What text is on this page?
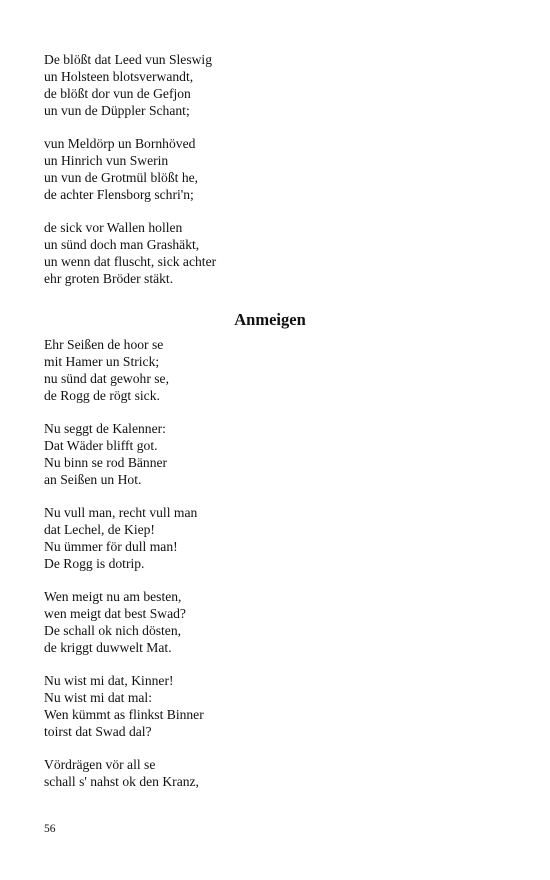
De blößt dat Leed vun Sleswig
un Holsteen blotsverwandt,
de blößt dor vun de Gefjon
un vun de Düppler Schant;
vun Meldörp un Bornhöved
un Hinrich vun Swerin
un vun de Grotmül blößt he,
de achter Flensborg schri'n;
de sick vor Wallen hollen
un sünd doch man Grashäkt,
un wenn dat fluscht, sick achter
ehr groten Bröder stäkt.
Anmeigen
Ehr Seißen de hoor se
mit Hamer un Strick;
nu sünd dat gewohr se,
de Rogg de rögt sick.
Nu seggt de Kalenner:
Dat Wäder blifft got.
Nu binn se rod Bänner
an Seißen un Hot.
Nu vull man, recht vull man
dat Lechel, de Kiep!
Nu ümmer för dull man!
De Rogg is dotrip.
Wen meigt nu am besten,
wen meigt dat best Swad?
De schall ok nich dösten,
de kriggt duwwelt Mat.
Nu wist mi dat, Kinner!
Nu wist mi dat mal:
Wen kümmt as flinkst Binner
toirst dat Swad dal?
Vördrägen vör all se
schall s' nahst ok den Kranz,
56
